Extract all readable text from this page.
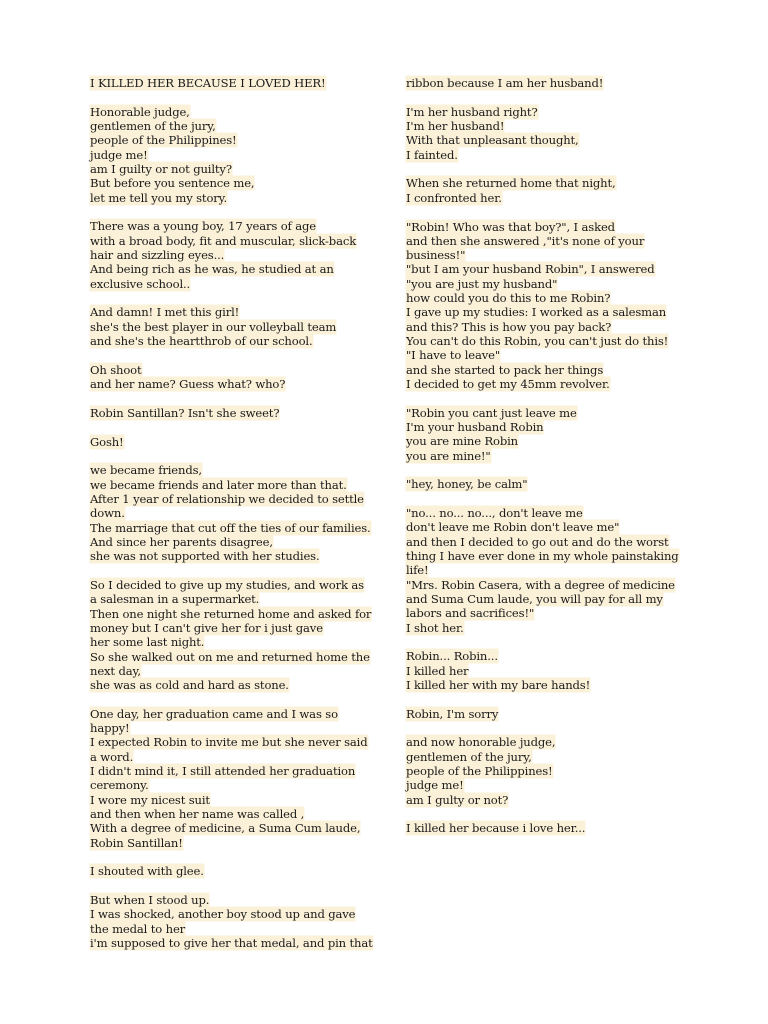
I KILLED HER BECAUSE I LOVED HER!
Honorable judge,
gentlemen of the jury,
people of the Philippines!
judge me!
am I guilty or not guilty?
But before you sentence me,
let me tell you my story.
There was a young boy, 17 years of age
with a broad body, fit and muscular, slick-back
hair and sizzling eyes...
And being rich as he was, he studied at an
exclusive school..
And damn! I met this girl!
she's the best player in our volleyball team
and she's the heartthrob of our school.
Oh shoot
and her name? Guess what? who?
Robin Santillan? Isn't she sweet?
Gosh!
we became friends,
we became friends and later more than that.
After 1 year of relationship we decided to settle
down.
The marriage that cut off the ties of our families.
And since her parents disagree,
she was not supported with her studies.
So I decided to give up my studies, and work as
a salesman in a supermarket.
Then one night she returned home and asked for
money but I can't give her for i just gave
her some last night.
So she walked out on me and returned home the
next day,
she was as cold and hard as stone.
One day, her graduation came and I was so
happy!
I expected Robin to invite me but she never said
a word.
I didn't mind it, I still attended her graduation
ceremony.
I wore my nicest suit
and then when her name was called ,
With a degree of medicine, a Suma Cum laude,
Robin Santillan!
I shouted with glee.
But when I stood up.
I was shocked, another boy stood up and gave
the medal to her
i'm supposed to give her that medal, and pin that
ribbon because I am her husband!
I'm her husband right?
I'm her husband!
With that unpleasant thought,
I fainted.
When she returned home that night,
I confronted her.
"Robin! Who was that boy?", I asked
and then she answered ,"it's none of your
business!"
"but I am your husband Robin", I answered
"you are just my husband"
how could you do this to me Robin?
I gave up my studies: I worked as a salesman
and this? This is how you pay back?
You can't do this Robin, you can't just do this!
"I have to leave"
and she started to pack her things
I decided to get my 45mm revolver.
"Robin you cant just leave me
I'm your husband Robin
you are mine Robin
you are mine!"
"hey, honey, be calm"
"no... no... no..., don't leave me
don't leave me Robin don't leave me"
and then I decided to go out and do the worst
thing I have ever done in my whole painstaking
life!
"Mrs. Robin Casera, with a degree of medicine
and Suma Cum laude, you will pay for all my
labors and sacrifices!"
I shot her.
Robin... Robin...
I killed her
I killed her with my bare hands!
Robin, I'm sorry
and now honorable judge,
gentlemen of the jury,
people of the Philippines!
judge me!
am I gulty or not?
I killed her because i love her...
